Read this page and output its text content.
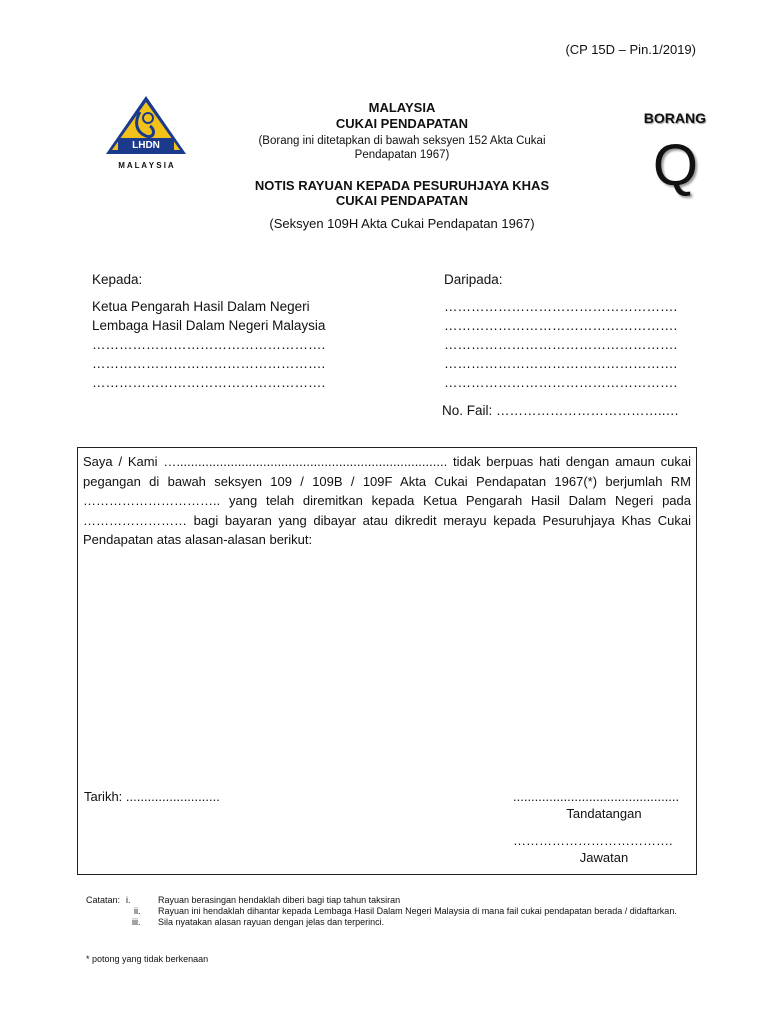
(CP 15D – Pin.1/2019)
LHDN
M A L A Y S I A
MALAYSIA
CUKAI PENDAPATAN
(Borang ini ditetapkan di bawah seksyen 152 Akta Cukai Pendapatan 1967)
NOTIS RAYUAN KEPADA PESURUHJAYA KHAS CUKAI PENDAPATAN
(Seksyen 109H Akta Cukai Pendapatan 1967)
BORANG
Q
Kepada:
Ketua Pengarah Hasil Dalam Negeri
Lembaga Hasil Dalam Negeri Malaysia
…………………………………………….
…………………………………………….
…………………………………………….
Daripada:
…………………………………………….
…………………………………………….
…………………………………………….
…………………………………………….
…………………………………………….
No. Fail: ………………………………..…
Saya / Kami …........................................................................... tidak berpuas hati dengan amaun cukai pegangan di bawah seksyen 109 / 109B / 109F Akta Cukai Pendapatan 1967(*) berjumlah RM ………………………….. yang telah diremitkan kepada Ketua Pengarah Hasil Dalam Negeri pada …………………… bagi bayaran yang dibayar atau dikredit merayu kepada Pesuruhjaya Khas Cukai Pendapatan atas alasan-alasan berikut:
Tarikh: ..........................	..............................................
Tandatangan
……………………………….
Jawatan
Catatan:	i.	Rayuan berasingan hendaklah diberi bagi tiap tahun taksiran
	ii.	Rayuan ini hendaklah dihantar kepada Lembaga Hasil Dalam Negeri Malaysia di mana fail cukai pendapatan berada / didaftarkan.
	iii.	Sila nyatakan alasan rayuan dengan jelas dan terperinci.
* potong yang tidak berkenaan
